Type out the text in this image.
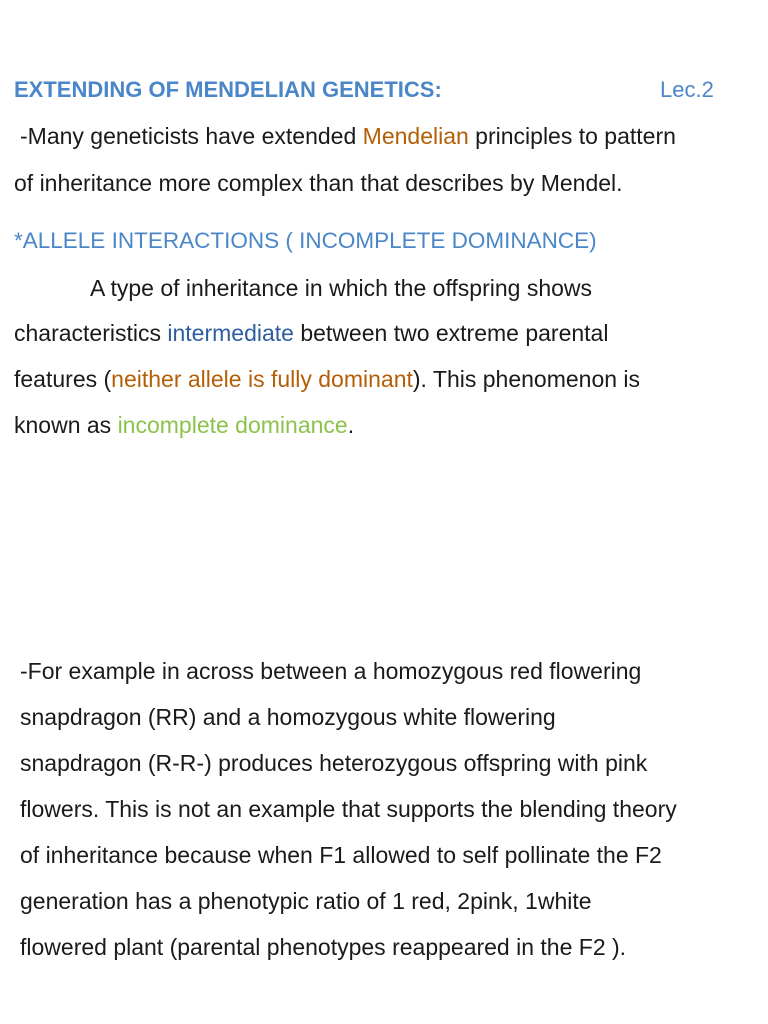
EXTENDING OF MENDELIAN GENETICS:	Lec.2
-Many geneticists have extended Mendelian principles to pattern
of inheritance more complex than that describes by Mendel.
*ALLELE INTERACTIONS ( INCOMPLETE DOMINANCE)
A type of inheritance in which the offspring shows
characteristics intermediate between two extreme parental
features (neither allele is fully dominant). This phenomenon is
known as incomplete dominance.
-For example in across between a homozygous red flowering
snapdragon (RR) and a homozygous white flowering
snapdragon (R-R-) produces heterozygous offspring with pink
flowers. This is not an example that supports the blending theory
of inheritance because when F1 allowed to self pollinate the F2
generation has a phenotypic ratio of 1 red, 2pink, 1white
flowered plant (parental phenotypes reappeared in the F2 ).
